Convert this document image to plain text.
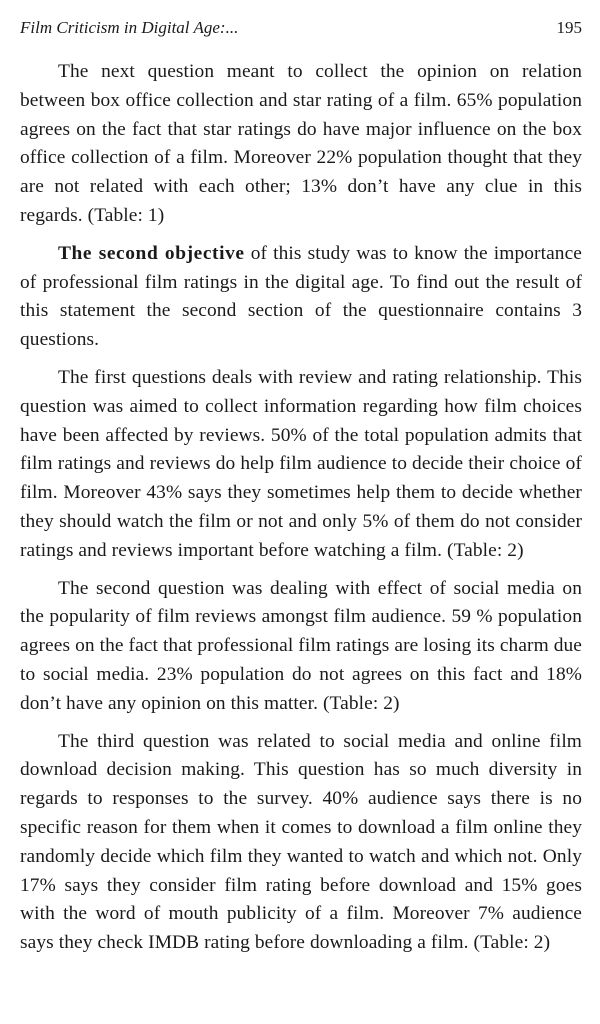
Film Criticism in Digital Age:...	195

The next question meant to collect the opinion on relation between box office collection and star rating of a film. 65% population agrees on the fact that star ratings do have major influence on the box office collection of a film. Moreover 22% population thought that they are not related with each other; 13% don’t have any clue in this regards. (Table: 1)

The second objective of this study was to know the importance of professional film ratings in the digital age. To find out the result of this statement the second section of the questionnaire contains 3 questions.

The first questions deals with review and rating relationship. This question was aimed to collect information regarding how film choices have been affected by reviews. 50% of the total population admits that film ratings and reviews do help film audience to decide their choice of film. Moreover 43% says they sometimes help them to decide whether they should watch the film or not and only 5% of them do not consider ratings and reviews important before watching a film. (Table: 2)

The second question was dealing with effect of social media on the popularity of film reviews amongst film audience. 59 % population agrees on the fact that professional film ratings are losing its charm due to social media. 23% population do not agrees on this fact and 18% don’t have any opinion on this matter. (Table: 2)

The third question was related to social media and online film download decision making. This question has so much diversity in regards to responses to the survey. 40% audience says there is no specific reason for them when it comes to download a film online they randomly decide which film they wanted to watch and which not. Only 17% says they consider film rating before download and 15% goes with the word of mouth publicity of a film. Moreover 7% audience says they check IMDB rating before downloading a film. (Table: 2)
